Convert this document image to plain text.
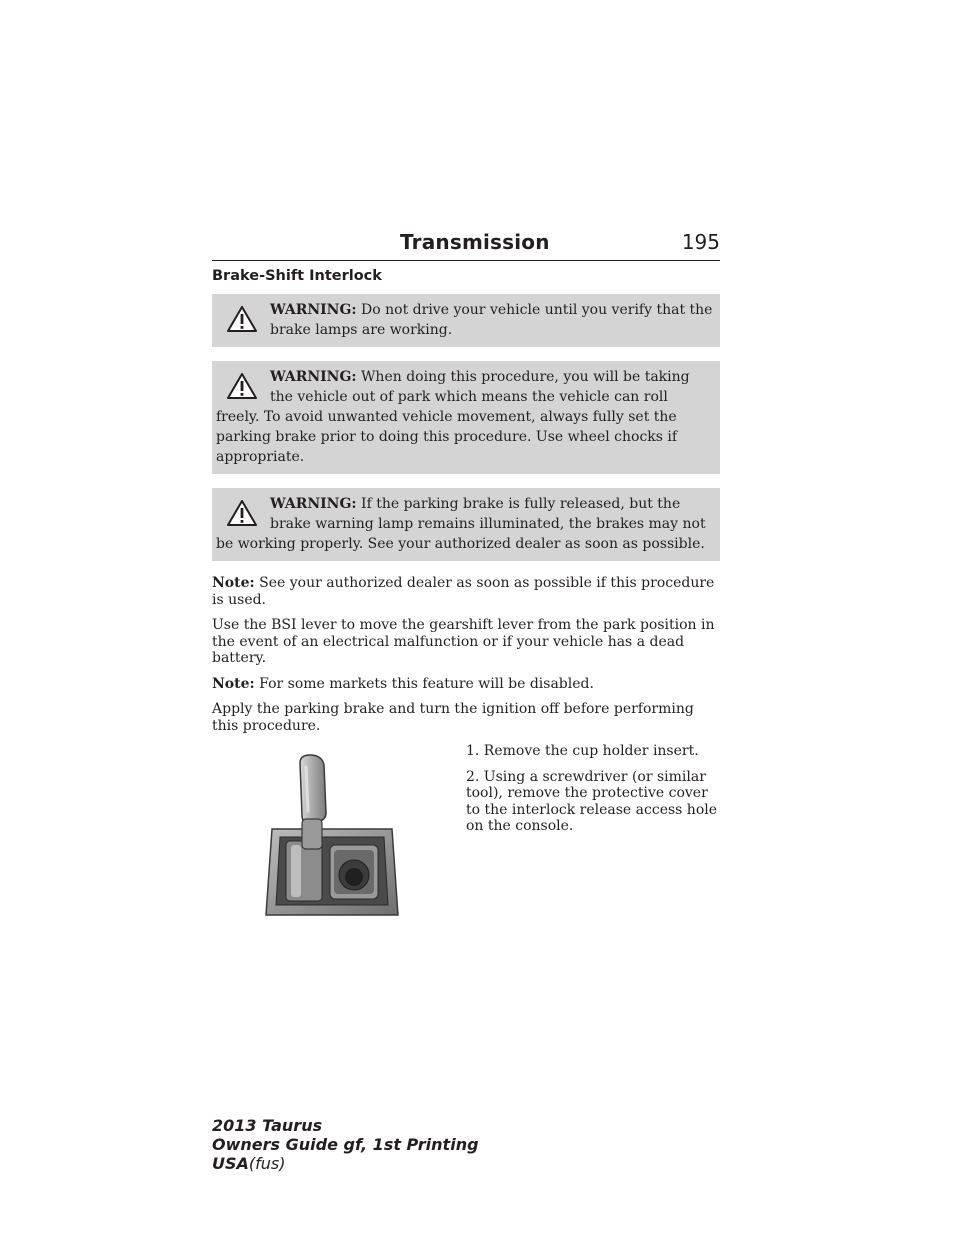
Transmission	195
Brake-Shift Interlock
WARNING: Do not drive your vehicle until you verify that the brake lamps are working.
WARNING: When doing this procedure, you will be taking the vehicle out of park which means the vehicle can roll freely. To avoid unwanted vehicle movement, always fully set the parking brake prior to doing this procedure. Use wheel chocks if appropriate.
WARNING: If the parking brake is fully released, but the brake warning lamp remains illuminated, the brakes may not be working properly. See your authorized dealer as soon as possible.

Note: See your authorized dealer as soon as possible if this procedure is used.

Use the BSI lever to move the gearshift lever from the park position in the event of an electrical malfunction or if your vehicle has a dead battery.

Note: For some markets this feature will be disabled.

Apply the parking brake and turn the ignition off before performing this procedure.

1. Remove the cup holder insert.

2. Using a screwdriver (or similar tool), remove the protective cover to the interlock release access hole on the console.

2013 Taurus
Owners Guide gf, 1st Printing
USA(fus)
